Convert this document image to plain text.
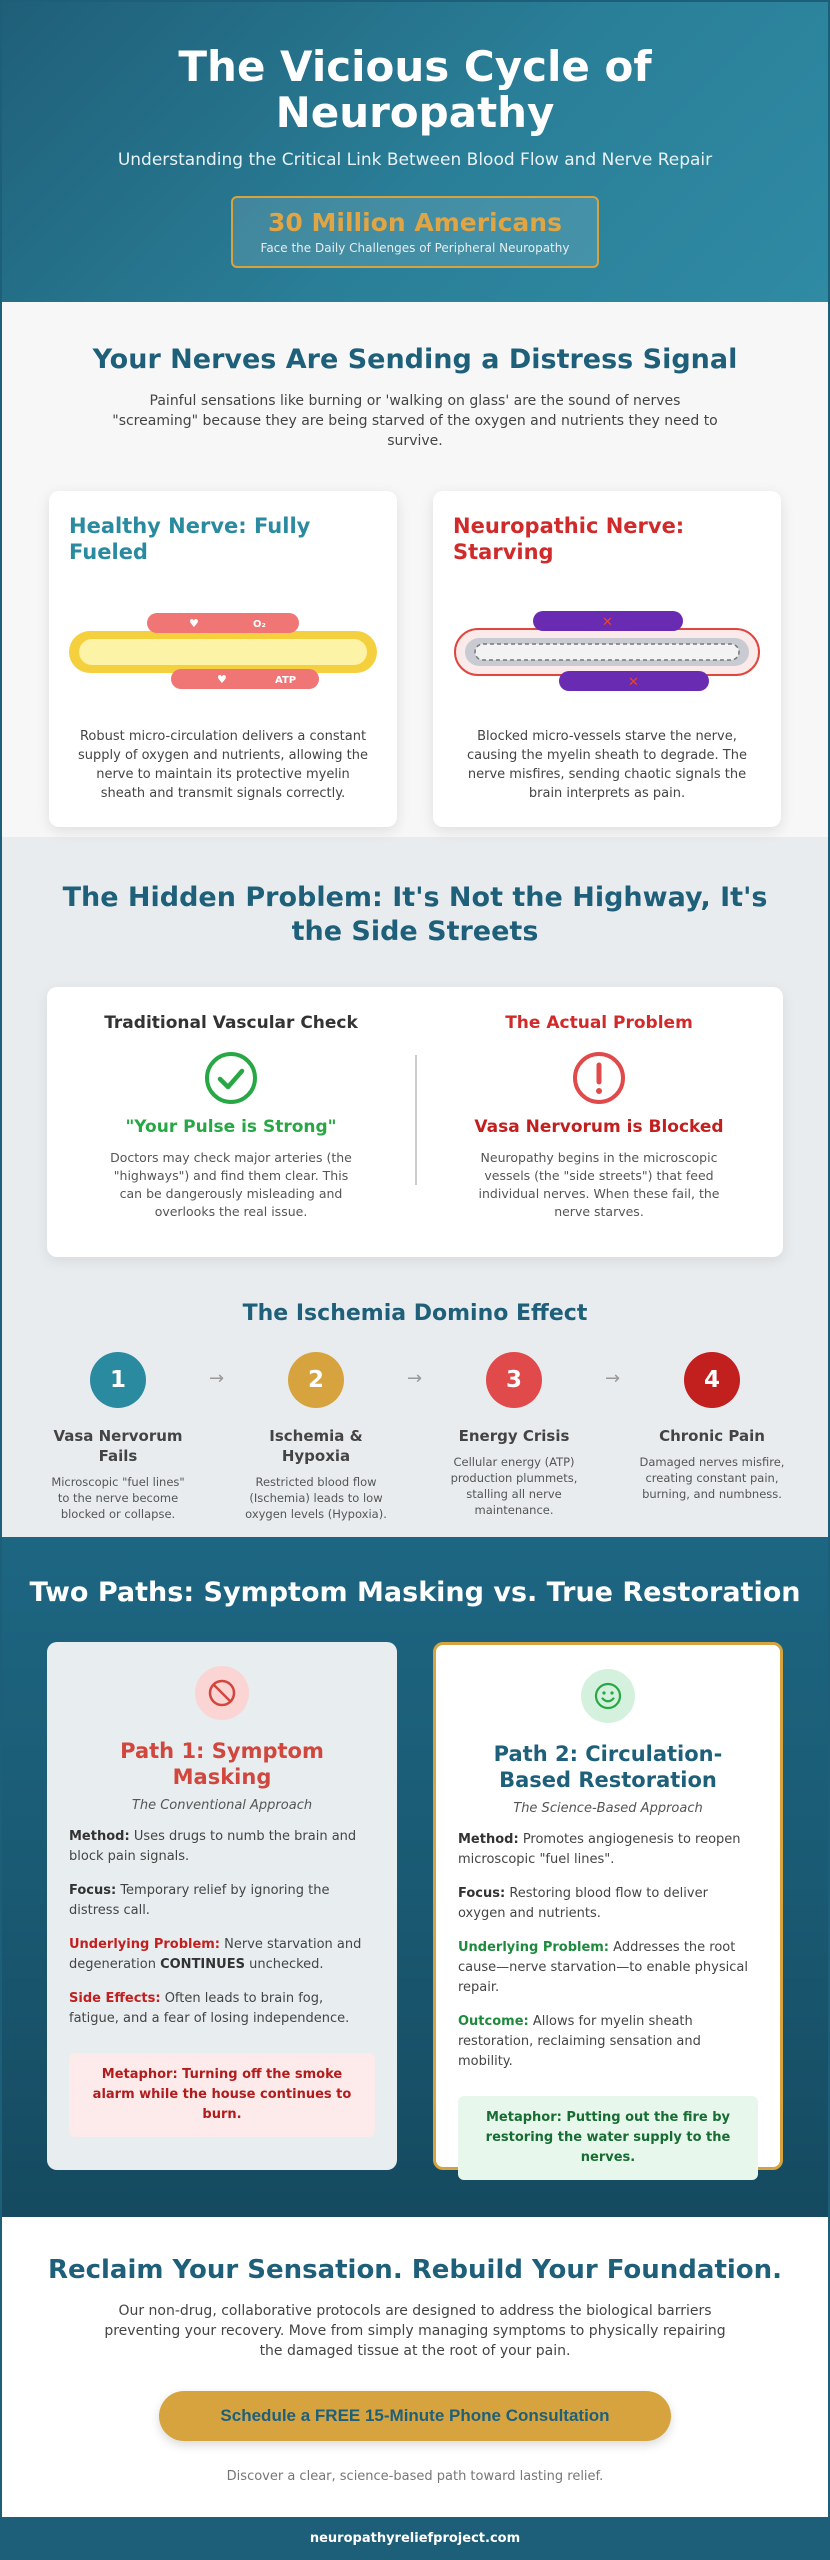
The Vicious Cycle of Neuropathy
Understanding the Critical Link Between Blood Flow and Nerve Repair
30 Million Americans
Face the Daily Challenges of Peripheral Neuropathy
Your Nerves Are Sending a Distress Signal
Painful sensations like burning or 'walking on glass' are the sound of nerves "screaming" because they are being starved of the oxygen and nutrients they need to survive.
Healthy Nerve: Fully Fueled
♥
♥
O₂
ATP

Robust micro-circulation delivers a constant supply of oxygen and nutrients, allowing the nerve to maintain its protective myelin sheath and transmit signals correctly.

Neuropathic Nerve: Starving
✕
✕

Blocked micro-vessels starve the nerve, causing the myelin sheath to degrade. The nerve misfires, sending chaotic signals the brain interprets as pain.

The Hidden Problem: It's Not the Highway, It's the Side Streets
Traditional Vascular Check
"Your Pulse is Strong"

Doctors may check major arteries (the "highways") and find them clear. This can be dangerously misleading and overlooks the real issue.

The Actual Problem
Vasa Nervorum is Blocked

Neuropathy begins in the microscopic vessels (the "side streets") that feed individual nerves. When these fail, the nerve starves.

The Ischemia Domino Effect
1
Vasa Nervorum Fails

Microscopic "fuel lines" to the nerve become blocked or collapse.

2
Ischemia & Hypoxia

Restricted blood flow (Ischemia) leads to low oxygen levels (Hypoxia).

3
Energy Crisis

Cellular energy (ATP) production plummets, stalling all nerve maintenance.

4
Chronic Pain

Damaged nerves misfire, creating constant pain, burning, and numbness.

→	→	→
Two Paths: Symptom Masking vs. True Restoration
Path 1: Symptom Masking
The Conventional Approach
Method: Uses drugs to numb the brain and block pain signals.
Focus: Temporary relief by ignoring the distress call.
Underlying Problem: Nerve starvation and degeneration CONTINUES unchecked.
Side Effects: Often leads to brain fog, fatigue, and a fear of losing independence.
Metaphor: Turning off the smoke alarm while the house continues to burn.
Path 2: Circulation-Based Restoration
The Science-Based Approach
Method: Promotes angiogenesis to reopen microscopic "fuel lines".
Focus: Restoring blood flow to deliver oxygen and nutrients.
Underlying Problem: Addresses the root cause—nerve starvation—to enable physical repair.
Outcome: Allows for myelin sheath restoration, reclaiming sensation and mobility.
Metaphor: Putting out the fire by restoring the water supply to the nerves.
Reclaim Your Sensation. Rebuild Your Foundation.
Our non-drug, collaborative protocols are designed to address the biological barriers preventing your recovery. Move from simply managing symptoms to physically repairing the damaged tissue at the root of your pain.
Schedule a FREE 15-Minute Phone Consultation
Discover a clear, science-based path toward lasting relief.
neuropathyreliefproject.com
